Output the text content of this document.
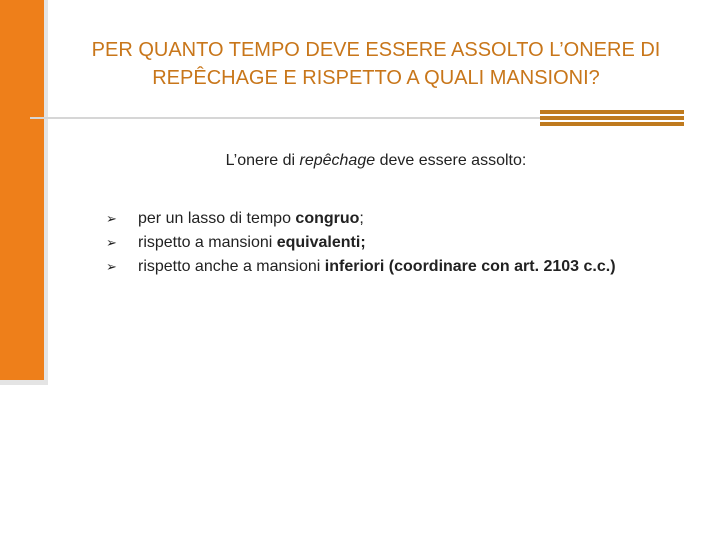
PER QUANTO TEMPO DEVE ESSERE ASSOLTO L’ONERE DI
REPÊCHAGE E RISPETTO A QUALI MANSIONI?
L’onere di repêchage deve essere assolto:
➢ per un lasso di tempo congruo;
➢ rispetto a mansioni equivalenti;
➢ rispetto anche a mansioni inferiori (coordinare con art. 2103 c.c.)
